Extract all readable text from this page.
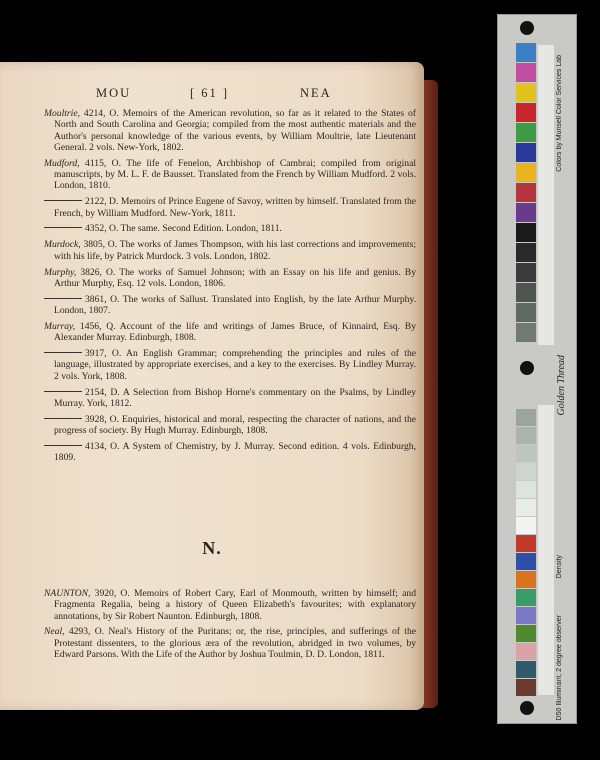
MOU	[ 61 ]	NEA

Moultrie, 4214, O. Memoirs of the American revolution, so far as it related to the States of North and South Carolina and Georgia; compiled from the most authentic materials and the Author's personal knowledge of the various events, by William Moultrie, late Lieutenant General. 2 vols. New-York, 1802.

Mudford, 4115, O. The life of Fenelon, Archbishop of Cambrai; compiled from original manuscripts, by M. L. F. de Bausset. Translated from the French by William Mudford. 2 vols. London, 1810.

2122, D. Memoirs of Prince Eugene of Savoy, written by himself. Translated from the French, by William Mudford. New-York, 1811.

4352, O. The same. Second Edition. London, 1811.

Murdock, 3805, O. The works of James Thompson, with his last corrections and improvements; with his life, by Patrick Murdock. 3 vols. London, 1802.

Murphy, 3826, O. The works of Samuel Johnson; with an Essay on his life and genius. By Arthur Murphy, Esq. 12 vols. London, 1806.

3861, O. The works of Sallust. Translated into English, by the late Arthur Murphy. London, 1807.

Murray, 1456, Q. Account of the life and writings of James Bruce, of Kinnaird, Esq. By Alexander Murray. Edinburgh, 1808.

3917, O. An English Grammar; comprehending the principles and rules of the language, illustrated by appropriate exercises, and a key to the exercises. By Lindley Murray. 2 vols. York, 1808.

2154, D. A Selection from Bishop Horne's commentary on the Psalms, by Lindley Murray. York, 1812.

3928, O. Enquiries, historical and moral, respecting the character of nations, and the progress of society. By Hugh Murray. Edinburgh, 1808.

4134, O. A System of Chemistry, by J. Murray. Second edition. 4 vols. Edinburgh, 1809.

N.

NAUNTON, 3920, O. Memoirs of Robert Cary, Earl of Monmouth, written by himself; and Fragmenta Regalia, being a history of Queen Elizabeth's favourites; with explanatory annotations, by Sir Robert Naunton. Edinburgh, 1808.

Neal, 4293, O. Neal's History of the Puritans; or, the rise, principles, and sufferings of the Protestant dissenters, to the glorious æra of the revolution, abridged in two volumes, by Edward Parsons. With the Life of the Author by Joshua Toulmin, D. D. London, 1811.

Colors by Munsell Color Services Lab
Golden Thread
Density
D50 Illuminant, 2 degree observer
